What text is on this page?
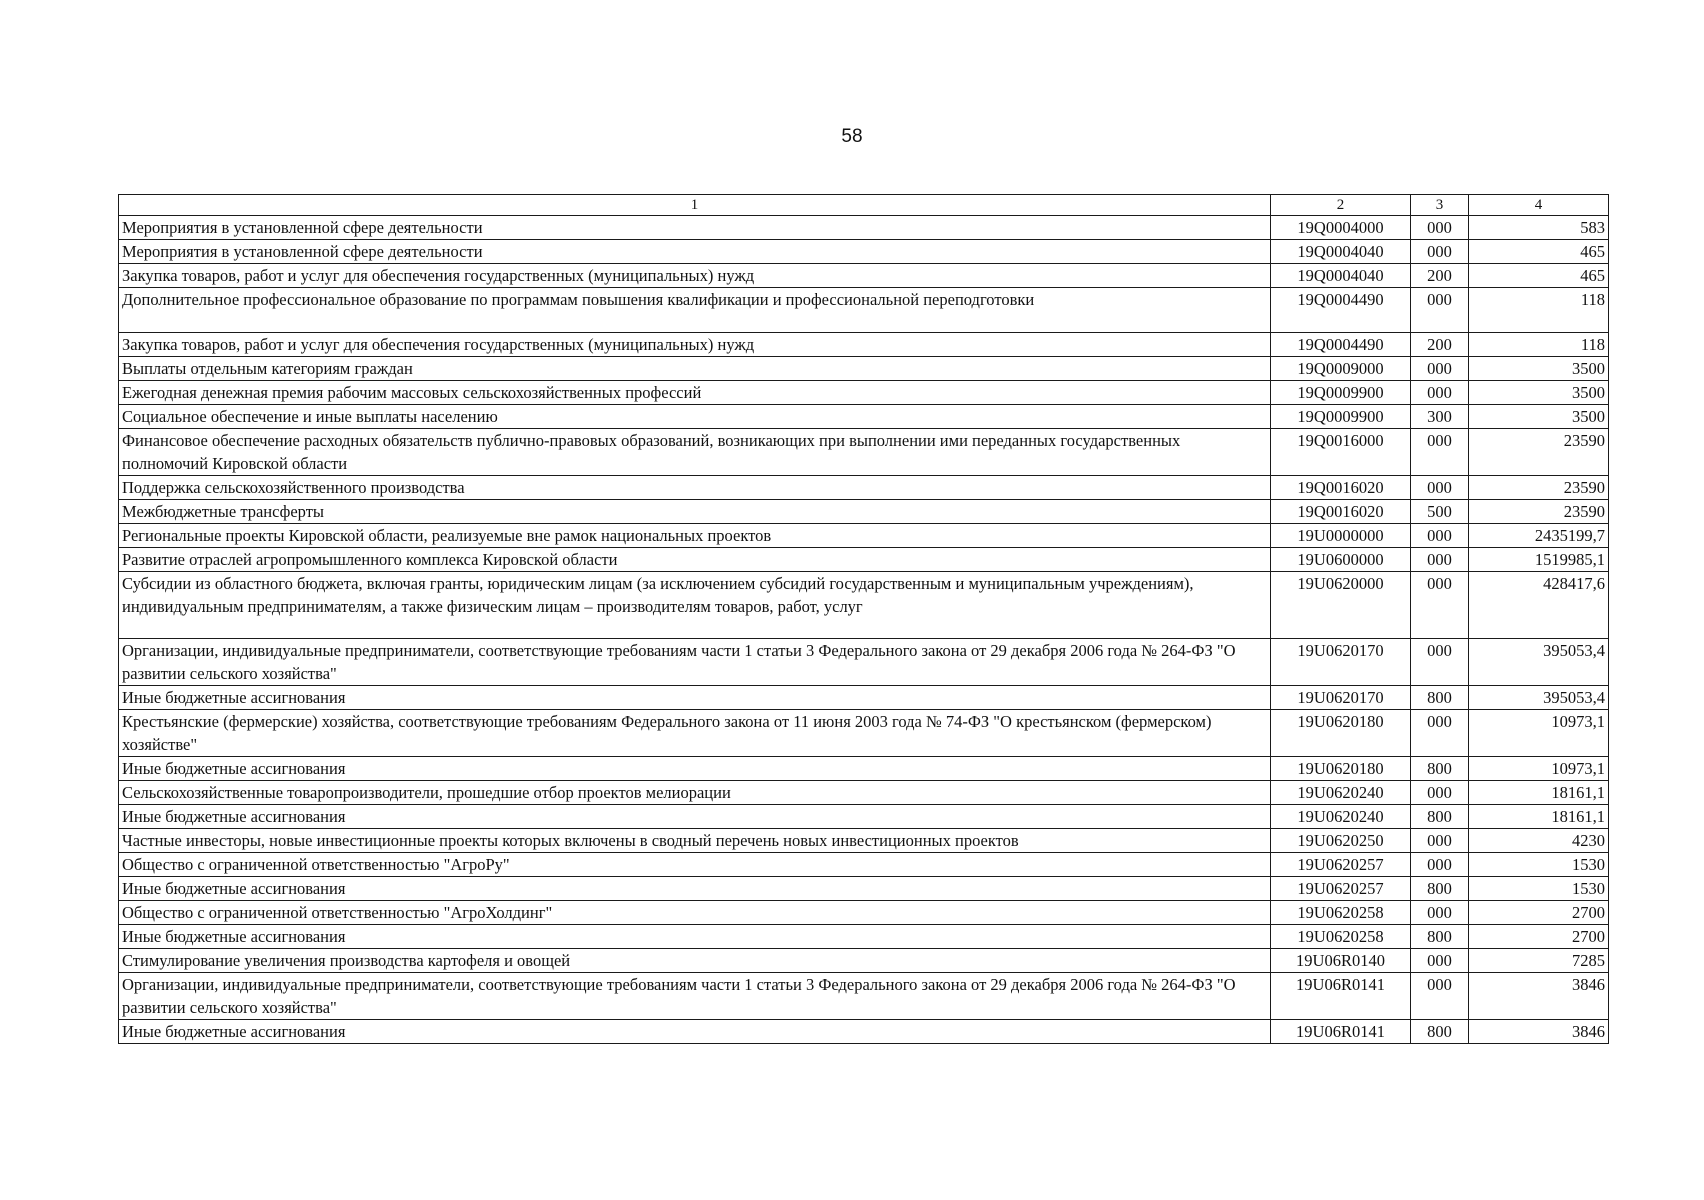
58
1	2	3	4
Мероприятия в установленной сфере деятельности	19Q0004000	000	583
Мероприятия в установленной сфере деятельности	19Q0004040	000	465
Закупка товаров, работ и услуг для обеспечения государственных (муниципальных) нужд	19Q0004040	200	465
Дополнительное профессиональное образование по программам повышения квалификации и профессиональной переподготовки	19Q0004490	000	118
Закупка товаров, работ и услуг для обеспечения государственных (муниципальных) нужд	19Q0004490	200	118
Выплаты отдельным категориям граждан	19Q0009000	000	3500
Ежегодная денежная премия рабочим массовых сельскохозяйственных профессий	19Q0009900	000	3500
Социальное обеспечение и иные выплаты населению	19Q0009900	300	3500
Финансовое обеспечение расходных обязательств публично-правовых образований, возникающих при выполнении ими переданных государственных полномочий Кировской области	19Q0016000	000	23590
Поддержка сельскохозяйственного производства	19Q0016020	000	23590
Межбюджетные трансферты	19Q0016020	500	23590
Региональные проекты Кировской области, реализуемые вне рамок национальных проектов	19U0000000	000	2435199,7
Развитие отраслей агропромышленного комплекса Кировской области	19U0600000	000	1519985,1
Субсидии из областного бюджета, включая гранты, юридическим лицам (за исключением субсидий государственным и муниципальным учреждениям), индивидуальным предпринимателям, а также физическим лицам – производителям товаров, работ, услуг	19U0620000	000	428417,6
Организации, индивидуальные предприниматели, соответствующие требованиям части 1 статьи 3 Федерального закона от 29 декабря 2006 года № 264-ФЗ "О развитии сельского хозяйства"	19U0620170	000	395053,4
Иные бюджетные ассигнования	19U0620170	800	395053,4
Крестьянские (фермерские) хозяйства, соответствующие требованиям Федерального закона от 11 июня 2003 года № 74-ФЗ "О крестьянском (фермерском) хозяйстве"	19U0620180	000	10973,1
Иные бюджетные ассигнования	19U0620180	800	10973,1
Сельскохозяйственные товаропроизводители, прошедшие отбор проектов мелиорации	19U0620240	000	18161,1
Иные бюджетные ассигнования	19U0620240	800	18161,1
Частные инвесторы, новые инвестиционные проекты которых включены в сводный перечень новых инвестиционных проектов	19U0620250	000	4230
Общество с ограниченной ответственностью "АгроРу"	19U0620257	000	1530
Иные бюджетные ассигнования	19U0620257	800	1530
Общество с ограниченной ответственностью "АгроХолдинг"	19U0620258	000	2700
Иные бюджетные ассигнования	19U0620258	800	2700
Стимулирование увеличения производства картофеля и овощей	19U06R0140	000	7285
Организации, индивидуальные предприниматели, соответствующие требованиям части 1 статьи 3 Федерального закона от 29 декабря 2006 года № 264-ФЗ "О развитии сельского хозяйства"	19U06R0141	000	3846
Иные бюджетные ассигнования	19U06R0141	800	3846
